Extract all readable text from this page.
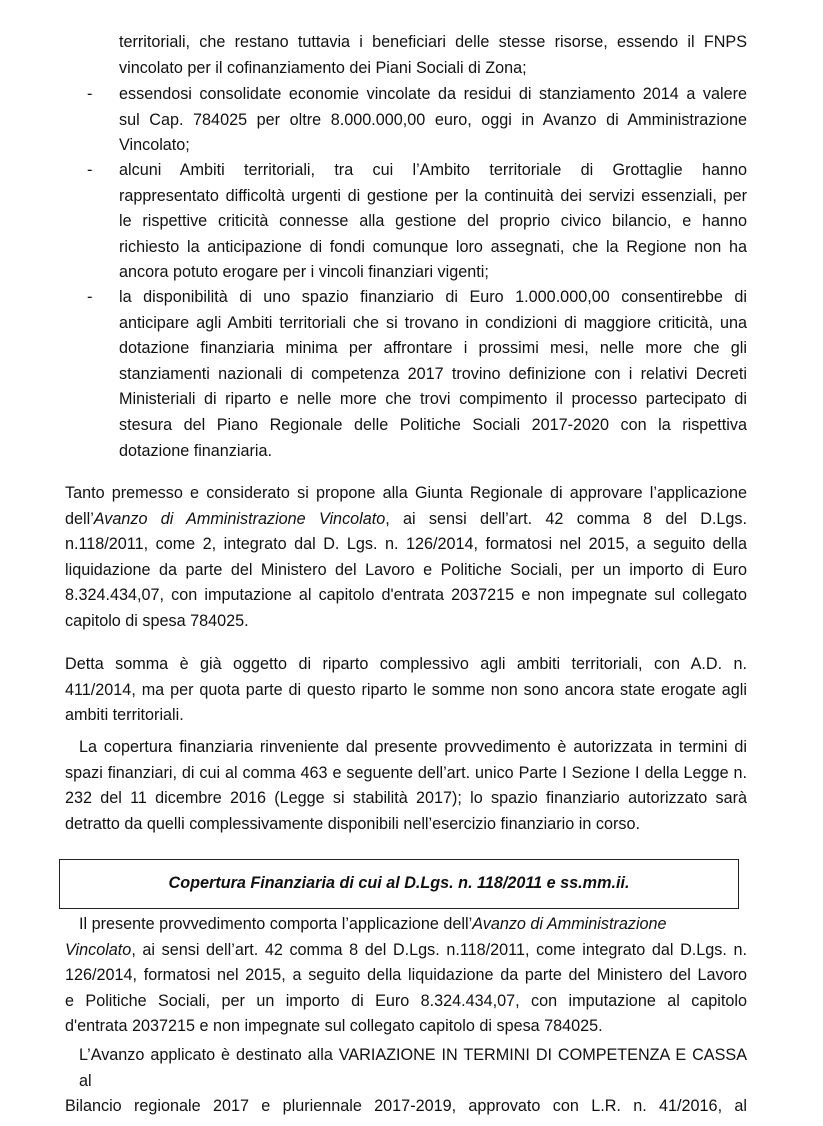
territoriali, che restano tuttavia i beneficiari delle stesse risorse, essendo il FNPS
vincolato per il cofinanziamento dei Piani Sociali di Zona;
-	essendosi consolidate economie vincolate da residui di stanziamento 2014 a valere
sul Cap. 784025 per oltre 8.000.000,00 euro, oggi in Avanzo di Amministrazione
Vincolato;
-	alcuni Ambiti territoriali, tra cui l’Ambito territoriale di Grottaglie hanno
rappresentato difficoltà urgenti di gestione per la continuità dei servizi essenziali, per
le rispettive criticità connesse alla gestione del proprio civico bilancio, e hanno
richiesto la anticipazione di fondi comunque loro assegnati, che la Regione non ha
ancora potuto erogare per i vincoli finanziari vigenti;
-	la disponibilità di uno spazio finanziario di Euro 1.000.000,00 consentirebbe di
anticipare agli Ambiti territoriali che si trovano in condizioni di maggiore criticità, una
dotazione finanziaria minima per affrontare i prossimi mesi, nelle more che gli
stanziamenti nazionali di competenza 2017 trovino definizione con i relativi Decreti
Ministeriali di riparto e nelle more che trovi compimento il processo partecipato di
stesura del Piano Regionale delle Politiche Sociali 2017-2020 con la rispettiva
dotazione finanziaria.
Tanto premesso e considerato si propone alla Giunta Regionale di approvare l’applicazione
dell’Avanzo di Amministrazione Vincolato, ai sensi dell’art. 42 comma 8 del D.Lgs.
n.118/2011, come 2, integrato dal D. Lgs. n. 126/2014, formatosi nel 2015, a seguito della
liquidazione da parte del Ministero del Lavoro e Politiche Sociali, per un importo di Euro
8.324.434,07, con imputazione al capitolo d'entrata 2037215 e non impegnate sul collegato
capitolo di spesa 784025.
Detta somma è già oggetto di riparto complessivo agli ambiti territoriali, con A.D. n.
411/2014, ma per quota parte di questo riparto le somme non sono ancora state erogate agli
ambiti territoriali.
La copertura finanziaria rinveniente dal presente provvedimento è autorizzata in termini di
spazi finanziari, di cui al comma 463 e seguente dell’art. unico Parte I Sezione I della Legge n.
232 del 11 dicembre 2016 (Legge si stabilità 2017); lo spazio finanziario autorizzato sarà
detratto da quelli complessivamente disponibili nell’esercizio finanziario in corso.
Copertura Finanziaria di cui al D.Lgs. n. 118/2011 e ss.mm.ii.
Il presente provvedimento comporta l’applicazione dell’Avanzo di Amministrazione
Vincolato, ai sensi dell’art. 42 comma 8 del D.Lgs. n.118/2011, come integrato dal D.Lgs. n.
126/2014, formatosi nel 2015, a seguito della liquidazione da parte del Ministero del Lavoro
e Politiche Sociali, per un importo di Euro 8.324.434,07, con imputazione al capitolo
d'entrata 2037215 e non impegnate sul collegato capitolo di spesa 784025.
L’Avanzo applicato è destinato alla VARIAZIONE IN TERMINI DI COMPETENZA E CASSA al
Bilancio regionale 2017 e pluriennale 2017-2019, approvato con L.R. n. 41/2016, al
